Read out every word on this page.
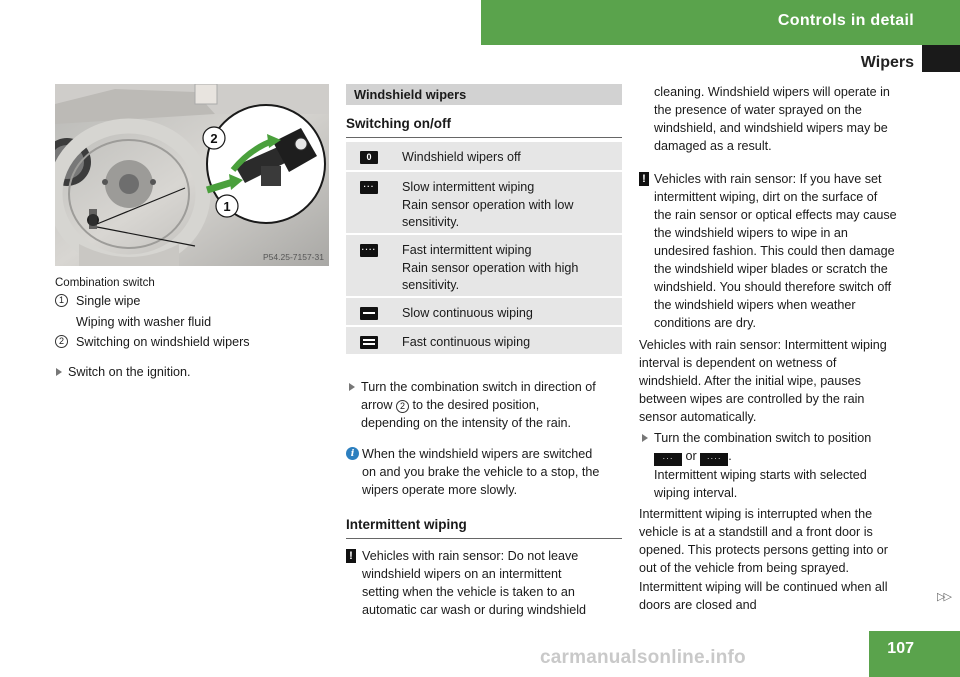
Controls in detail
Wipers
2
1
P54.25-7157-31
Combination switch
1 Single wipe
Wiping with washer fluid
2 Switching on windshield wipers
Switch on the ignition.
Windshield wipers
Switching on/off
0	Windshield wipers off
··· Slow intermittent wiping
Rain sensor operation with low
sensitivity.
···· Fast intermittent wiping
Rain sensor operation with high
sensitivity.
Slow continuous wiping
Fast continuous wiping
Turn the combination switch in direction of
arrow 2 to the desired position,
depending on the intensity of the rain.
i When the windshield wipers are switched
on and you brake the vehicle to a stop, the
wipers operate more slowly.
Intermittent wiping
! Vehicles with rain sensor: Do not leave
windshield wipers on an intermittent
setting when the vehicle is taken to an
automatic car wash or during windshield
cleaning. Windshield wipers will operate in
the presence of water sprayed on the
windshield, and windshield wipers may be
damaged as a result.
! Vehicles with rain sensor: If you have set
intermittent wiping, dirt on the surface of
the rain sensor or optical effects may cause
the windshield wipers to wipe in an
undesired fashion. This could then damage
the windshield wiper blades or scratch the
windshield. You should therefore switch off
the windshield wipers when weather
conditions are dry.
Vehicles with rain sensor: Intermittent wiping
interval is dependent on wetness of
windshield. After the initial wipe, pauses
between wipes are controlled by the rain
sensor automatically.
Turn the combination switch to position
··· or ···· .
Intermittent wiping starts with selected
wiping interval.
Intermittent wiping is interrupted when the
vehicle is at a standstill and a front door is
opened. This protects persons getting into or
out of the vehicle from being sprayed.
Intermittent wiping will be continued when all
doors are closed and
▷▷
107
carmanualsonline.info
